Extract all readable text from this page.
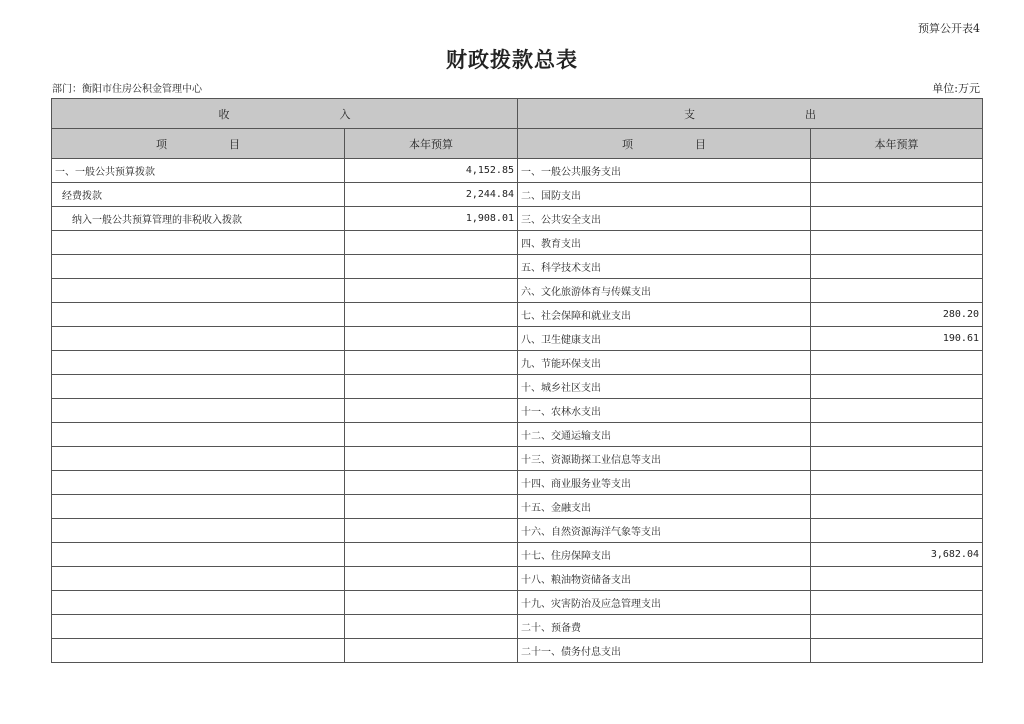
预算公开表4
财政拨款总表
部门：衡阳市住房公积金管理中心	单位:万元
收 入		支 出	
项 目	本年预算	项 目	本年预算
一、一般公共预算拨款	4,152.85	一、一般公共服务支出	
经费拨款	2,244.84	二、国防支出	
纳入一般公共预算管理的非税收入拨款	1,908.01	三、公共安全支出	
		四、教育支出	
		五、科学技术支出	
		六、文化旅游体育与传媒支出	
		七、社会保障和就业支出	280.20
		八、卫生健康支出	190.61
		九、节能环保支出	
		十、城乡社区支出	
		十一、农林水支出	
		十二、交通运输支出	
		十三、资源勘探工业信息等支出	
		十四、商业服务业等支出	
		十五、金融支出	
		十六、自然资源海洋气象等支出	
		十七、住房保障支出	3,682.04
		十八、粮油物资储备支出	
		十九、灾害防治及应急管理支出	
		二十、预备费	
		二十一、债务付息支出	
